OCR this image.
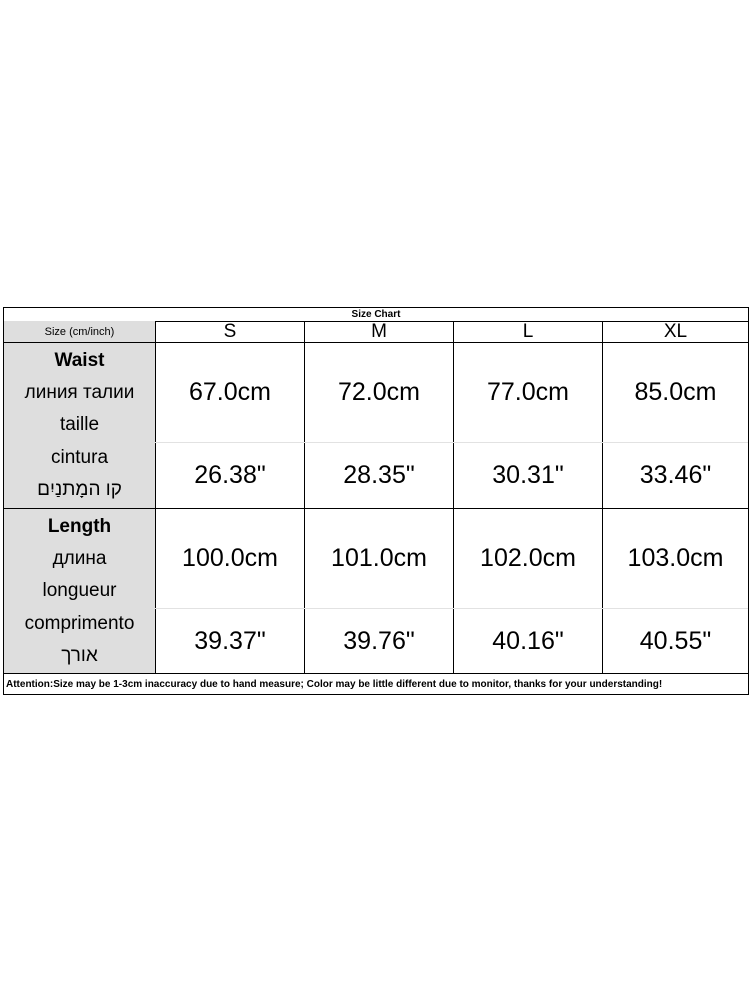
Size Chart
Size (cm/inch)	S	M	L	XL
Waist
линия талии
taille
cintura
קו המָתנַיִם
67.0cm	72.0cm	77.0cm	85.0cm
26.38"	28.35"	30.31"	33.46"
Length
длина
longueur
comprimento
אורך
100.0cm	101.0cm	102.0cm	103.0cm
39.37"	39.76"	40.16"	40.55"
Attention:Size may be 1-3cm inaccuracy due to hand measure; Color may be little different due to monitor, thanks for your understanding!
